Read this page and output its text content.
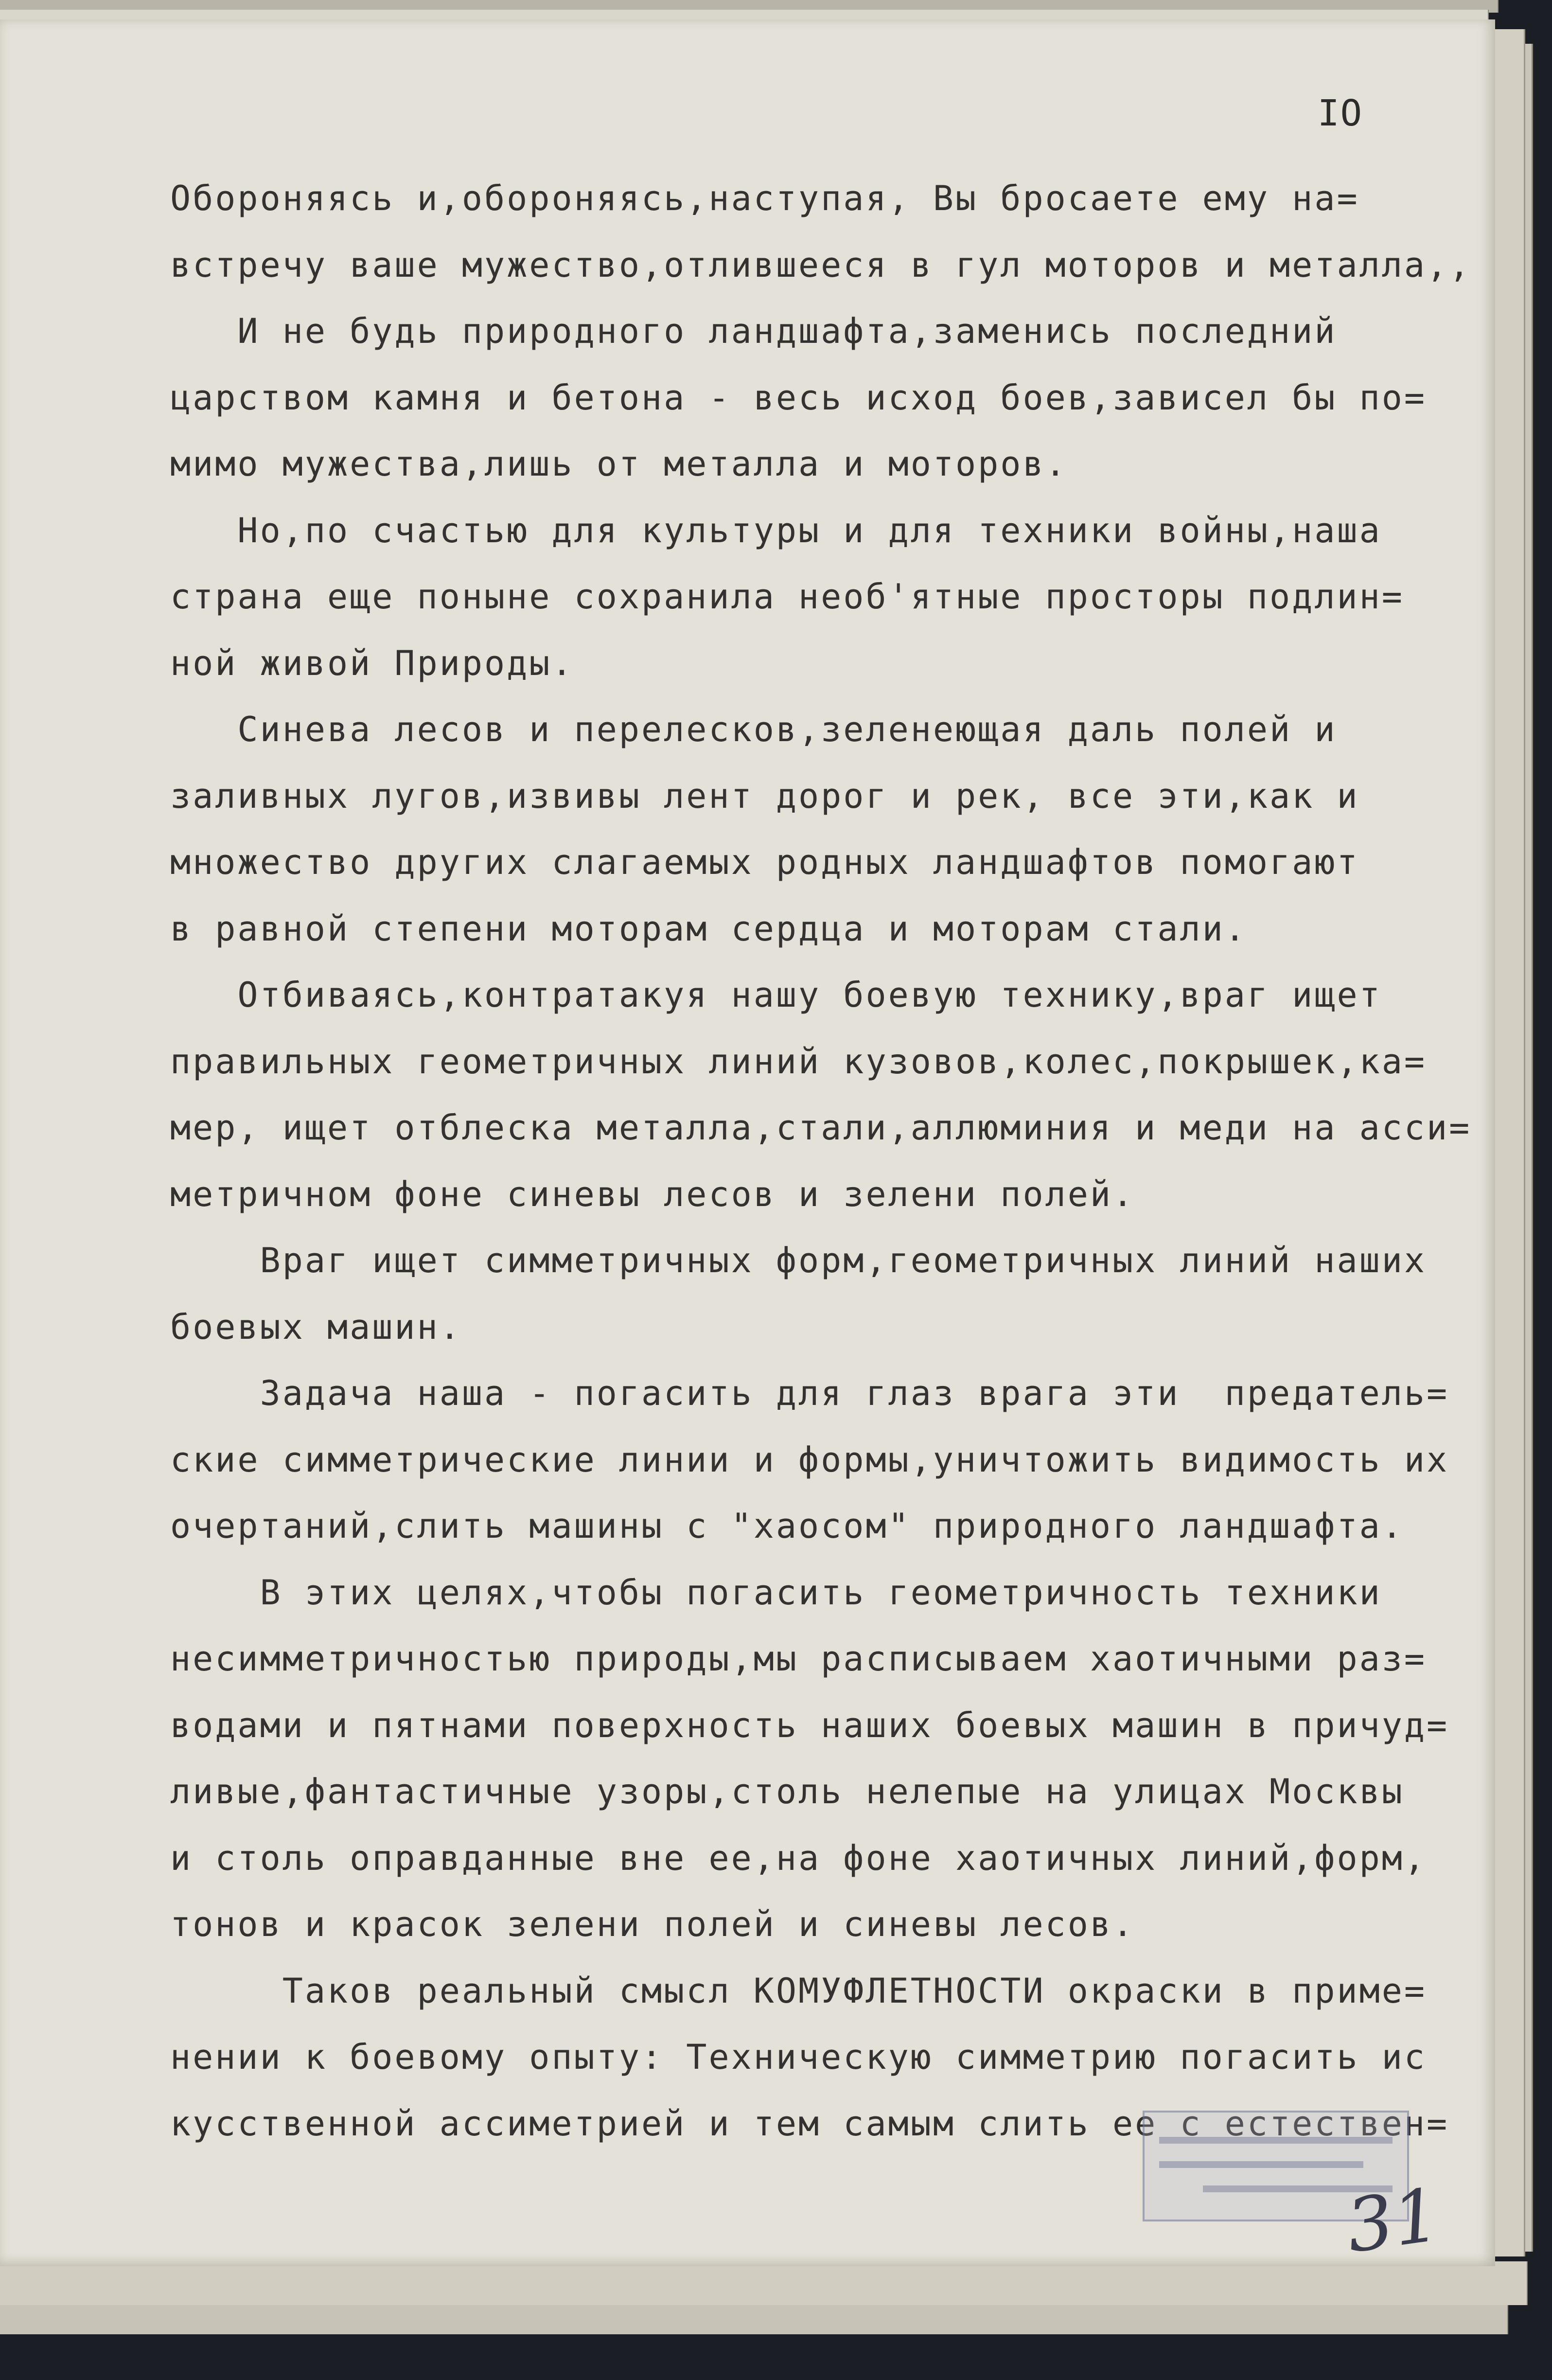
IO
Обороняясь и,обороняясь,наступая, Вы бросаете ему на=
встречу ваше мужество,отлившееся в гул моторов и металла,,
И не будь природного ландшафта,заменись последний
царством камня и бетона - весь исход боев,зависел бы по=
мимо мужества,лишь от металла и моторов.
Но,по счастью для культуры и для техники войны,наша
страна еще поныне сохранила необ'ятные просторы подлин=
ной живой Природы.
Синева лесов и перелесков,зеленеющая даль полей и
заливных лугов,извивы лент дорог и рек, все эти,как и
множество других слагаемых родных ландшафтов помогают
в равной степени моторам сердца и моторам стали.
Отбиваясь,контратакуя нашу боевую технику,враг ищет
правильных геометричных линий кузовов,колес,покрышек,ка=
мер, ищет отблеска металла,стали,аллюминия и меди на асси=
метричном фоне синевы лесов и зелени полей.
Враг ищет симметричных форм,геометричных линий наших
боевых машин.
Задача наша - погасить для глаз врага эти  предатель=
ские симметрические линии и формы,уничтожить видимость их
очертаний,слить машины с "хаосом" природного ландшафта.
В этих целях,чтобы погасить геометричность техники
несимметричностью природы,мы расписываем хаотичными раз=
водами и пятнами поверхность наших боевых машин в причуд=
ливые,фантастичные узоры,столь нелепые на улицах Москвы
и столь оправданные вне ее,на фоне хаотичных линий,форм,
тонов и красок зелени полей и синевы лесов.
Таков реальный смысл КОМУФЛЕТНОСТИ окраски в приме=
нении к боевому опыту: Техническую симметрию погасить ис
кусственной ассиметрией и тем самым слить ее с естествен=
31
